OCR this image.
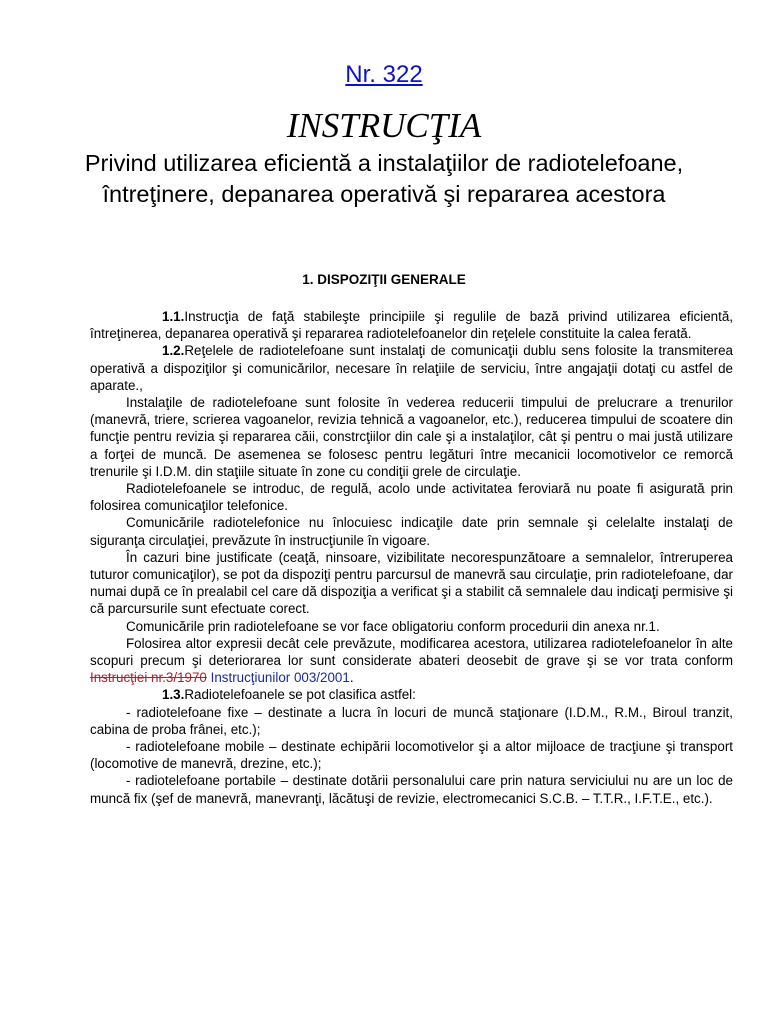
Nr. 322
INSTRUCŢIA
Privind utilizarea eficientă a instalaţiilor de radiotelefoane, întreţinere, depanarea operativă şi repararea acestora
1. DISPOZIŢII GENERALE

1.1.Instrucţia de faţă stabileşte principiile şi regulile de bază privind utilizarea eficientă, întreţinerea, depanarea operativă şi repararea radiotelefoanelor din reţelele constituite la calea ferată.

1.2.Reţelele de radiotelefoane sunt instalaţi de comunicaţii dublu sens folosite la transmiterea operativă a dispoziţilor şi comunicărilor, necesare în relaţiile de serviciu, între angajaţii dotaţi cu astfel de aparate.,

Instalaţile de radiotelefoane sunt folosite în vederea reducerii timpului de prelucrare a trenurilor (manevră, triere, scrierea vagoanelor, revizia tehnică a vagoanelor, etc.), reducerea timpului de scoatere din funcţie pentru revizia şi repararea căii, constrcţiilor din cale şi a instalaţilor, cât şi pentru o mai justă utilizare a forţei de muncă. De asemenea se folosesc pentru legături între mecanicii locomotivelor ce remorcă trenurile şi I.D.M. din staţiile situate în zone cu condiţii grele de circulaţie.

Radiotelefoanele se introduc, de regulă, acolo unde activitatea feroviară nu poate fi asigurată prin folosirea comunicaţilor telefonice.

Comunicările radiotelefonice nu înlocuiesc indicaţile date prin semnale şi celelalte instalaţi de siguranţa circulaţiei, prevăzute în instrucţiunile în vigoare.

În cazuri bine justificate (ceaţă, ninsoare, vizibilitate necorespunzătoare a semnalelor, întreruperea tuturor comunicaţilor), se pot da dispoziţi pentru parcursul de manevră sau circulaţie, prin radiotelefoane, dar numai după ce în prealabil cel care dă dispoziţia a verificat şi a stabilit că semnalele dau indicaţi permisive şi că parcursurile sunt efectuate corect.

Comunicările prin radiotelefoane se vor face obligatoriu conform procedurii din anexa nr.1.

Folosirea altor expresii decât cele prevăzute, modificarea acestora, utilizarea radiotelefoanelor în alte scopuri precum şi deteriorarea lor sunt considerate abateri deosebit de grave şi se vor trata conform Instrucţiei nr.3/1970 Instrucţiunilor 003/2001.

1.3.Radiotelefoanele se pot clasifica astfel:

- radiotelefoane fixe – destinate a lucra în locuri de muncă staţionare (I.D.M., R.M., Biroul tranzit, cabina de proba frânei, etc.);

- radiotelefoane mobile – destinate echipării locomotivelor şi a altor mijloace de tracţiune şi transport (locomotive de manevră, drezine, etc.);

- radiotelefoane portabile – destinate dotării personalului care prin natura serviciului nu are un loc de muncă fix (şef de manevră, manevranţi, lăcătuşi de revizie, electromecanici S.C.B. – T.T.R., I.F.T.E., etc.).
